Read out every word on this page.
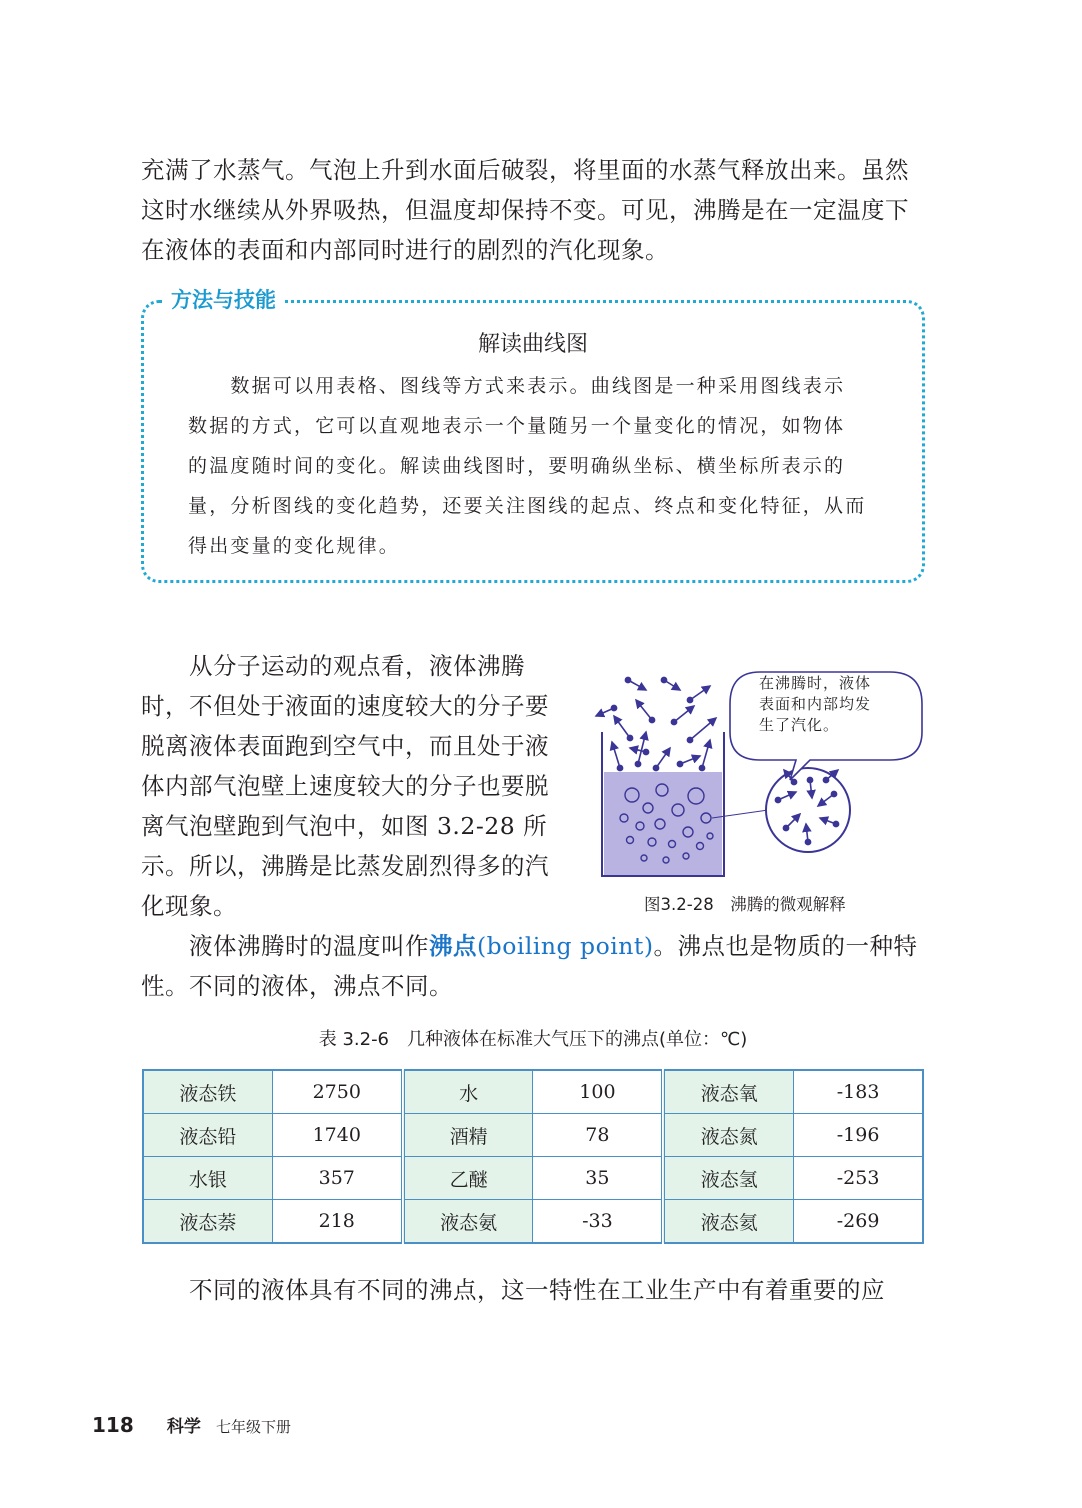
充满了水蒸气。气泡上升到水面后破裂，将里面的水蒸气释放出来。虽然
这时水继续从外界吸热，但温度却保持不变。可见，沸腾是在一定温度下
在液体的表面和内部同时进行的剧烈的汽化现象。
方法与技能
解读曲线图
　　数据可以用表格、图线等方式来表示。曲线图是一种采用图线表示
数据的方式，它可以直观地表示一个量随另一个量变化的情况，如物体
的温度随时间的变化。解读曲线图时，要明确纵坐标、横坐标所表示的
量，分析图线的变化趋势，还要关注图线的起点、终点和变化特征，从而
得出变量的变化规律。
　　从分子运动的观点看，液体沸腾
时，不但处于液面的速度较大的分子要
脱离液体表面跑到空气中，而且处于液
体内部气泡壁上速度较大的分子也要脱
离气泡壁跑到气泡中，如图 3.2-28 所
示。所以，沸腾是比蒸发剧烈得多的汽
化现象。
在沸腾时，液体
表面和内部均发
生了汽化。
图3.2-28　沸腾的微观解释
　　液体沸腾时的温度叫作沸点(boiling point)。沸点也是物质的一种特
性。不同的液体，沸点不同。
表 3.2-6　几种液体在标准大气压下的沸点(单位：℃)
液态铁	2750	水	100	液态氧	-183
液态铅	1740	酒精	78	液态氮	-196
水银	357	乙醚	35	液态氢	-253
液态萘	218	液态氨	-33	液态氦	-269
　　不同的液体具有不同的沸点，这一特性在工业生产中有着重要的应
118 科学 七年级下册
